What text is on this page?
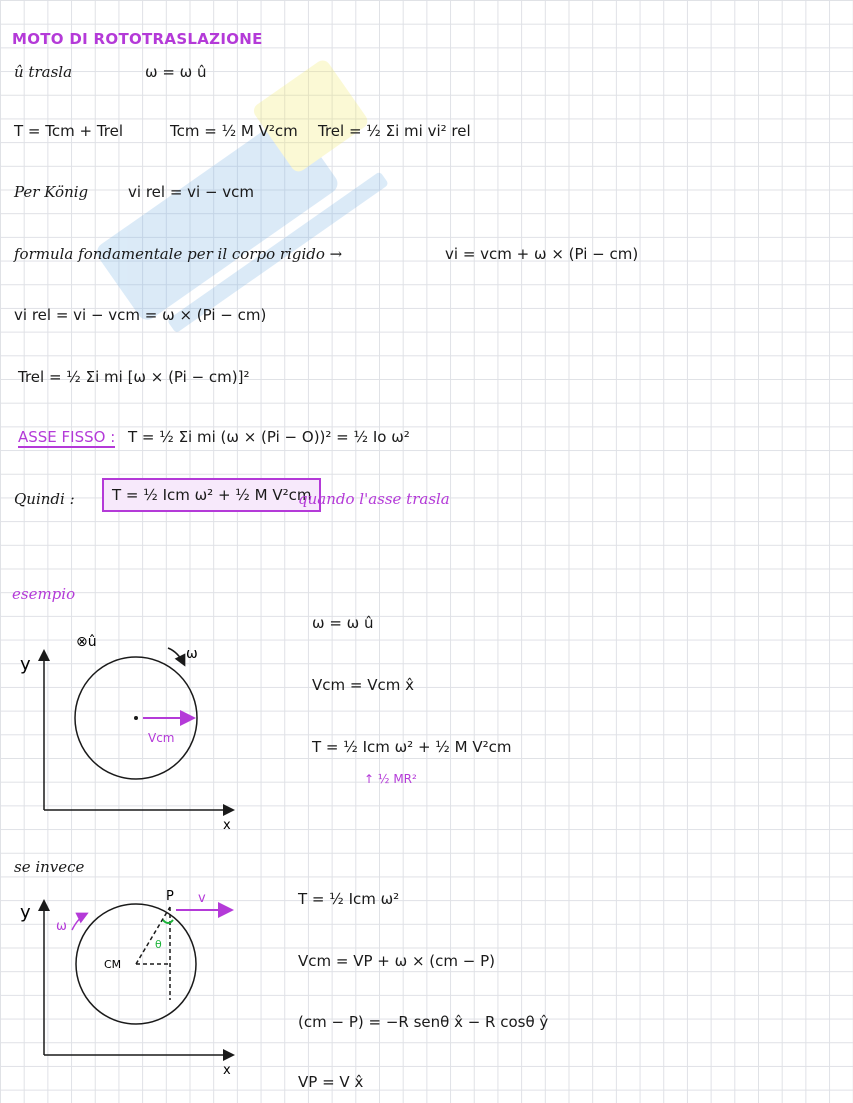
MOTO DI ROTOTRASLAZIONE
û trasla	ω = ω û
T = Tcm + Trel	Tcm = ½ M V²cm Trel = ½ Σi mi vi² rel
Per König	vi rel = vi − vcm
formula fondamentale per il corpo rigido →	vi = vcm + ω × (Pi − cm)
vi rel = vi − vcm = ω × (Pi − cm)
Trel = ½ Σi mi [ω × (Pi − cm)]²
ASSE FISSO : T = ½ Σi mi (ω × (Pi − O))² = ½ Io ω²
Quindi :	T = ½ Icm ω² + ½ M V²cm
quando l'asse trasla
esempio
⊗û
ω
Vcm
x
y
ω = ω û
Vcm = Vcm x̂
T = ½ Icm ω² + ½ M V²cm
↑ ½ MR²
se invece
P v
ω
CM
θ
x
y
T = ½ Icm ω²
Vcm = VP + ω × (cm − P)
(cm − P) = −R senθ x̂ − R cosθ ŷ
VP = V x̂
